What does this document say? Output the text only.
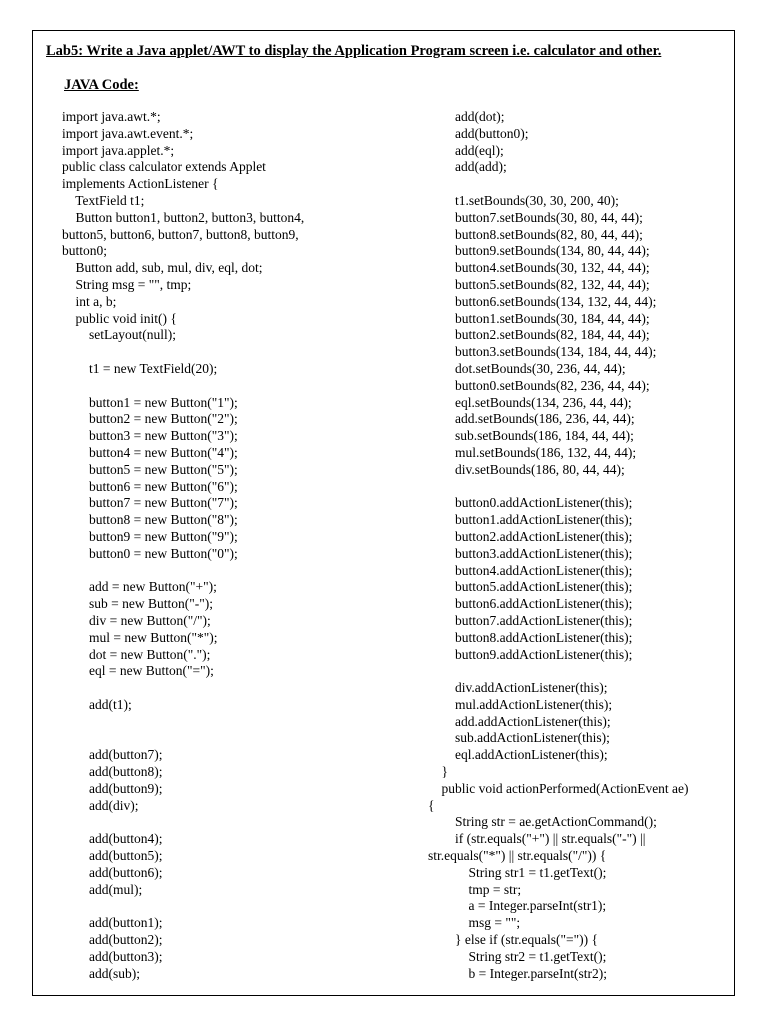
Lab5: Write a Java applet/AWT to display the Application Program screen i.e. calculator and other.
JAVA Code:
import java.awt.*;
import java.awt.event.*;
import java.applet.*;
public class calculator extends Applet
implements ActionListener {
TextField t1;
Button button1, button2, button3, button4,
button5, button6, button7, button8, button9,
button0;
Button add, sub, mul, div, eql, dot;
String msg = "", tmp;
int a, b;
public void init() {
setLayout(null);
t1 = new TextField(20);
button1 = new Button("1");
button2 = new Button("2");
button3 = new Button("3");
button4 = new Button("4");
button5 = new Button("5");
button6 = new Button("6");
button7 = new Button("7");
button8 = new Button("8");
button9 = new Button("9");
button0 = new Button("0");
add = new Button("+");
sub = new Button("-");
div = new Button("/");
mul = new Button("*");
dot = new Button(".");
eql = new Button("=");
add(t1);
add(button7);
add(button8);
add(button9);
add(div);
add(button4);
add(button5);
add(button6);
add(mul);
add(button1);
add(button2);
add(button3);
add(sub);
add(dot);
add(button0);
add(eql);
add(add);
t1.setBounds(30, 30, 200, 40);
button7.setBounds(30, 80, 44, 44);
button8.setBounds(82, 80, 44, 44);
button9.setBounds(134, 80, 44, 44);
button4.setBounds(30, 132, 44, 44);
button5.setBounds(82, 132, 44, 44);
button6.setBounds(134, 132, 44, 44);
button1.setBounds(30, 184, 44, 44);
button2.setBounds(82, 184, 44, 44);
button3.setBounds(134, 184, 44, 44);
dot.setBounds(30, 236, 44, 44);
button0.setBounds(82, 236, 44, 44);
eql.setBounds(134, 236, 44, 44);
add.setBounds(186, 236, 44, 44);
sub.setBounds(186, 184, 44, 44);
mul.setBounds(186, 132, 44, 44);
div.setBounds(186, 80, 44, 44);
button0.addActionListener(this);
button1.addActionListener(this);
button2.addActionListener(this);
button3.addActionListener(this);
button4.addActionListener(this);
button5.addActionListener(this);
button6.addActionListener(this);
button7.addActionListener(this);
button8.addActionListener(this);
button9.addActionListener(this);
div.addActionListener(this);
mul.addActionListener(this);
add.addActionListener(this);
sub.addActionListener(this);
eql.addActionListener(this);
}
public void actionPerformed(ActionEvent ae)
{
String str = ae.getActionCommand();
if (str.equals("+") || str.equals("-") ||
str.equals("*") || str.equals("/")) {
String str1 = t1.getText();
tmp = str;
a = Integer.parseInt(str1);
msg = "";
} else if (str.equals("=")) {
String str2 = t1.getText();
b = Integer.parseInt(str2);
